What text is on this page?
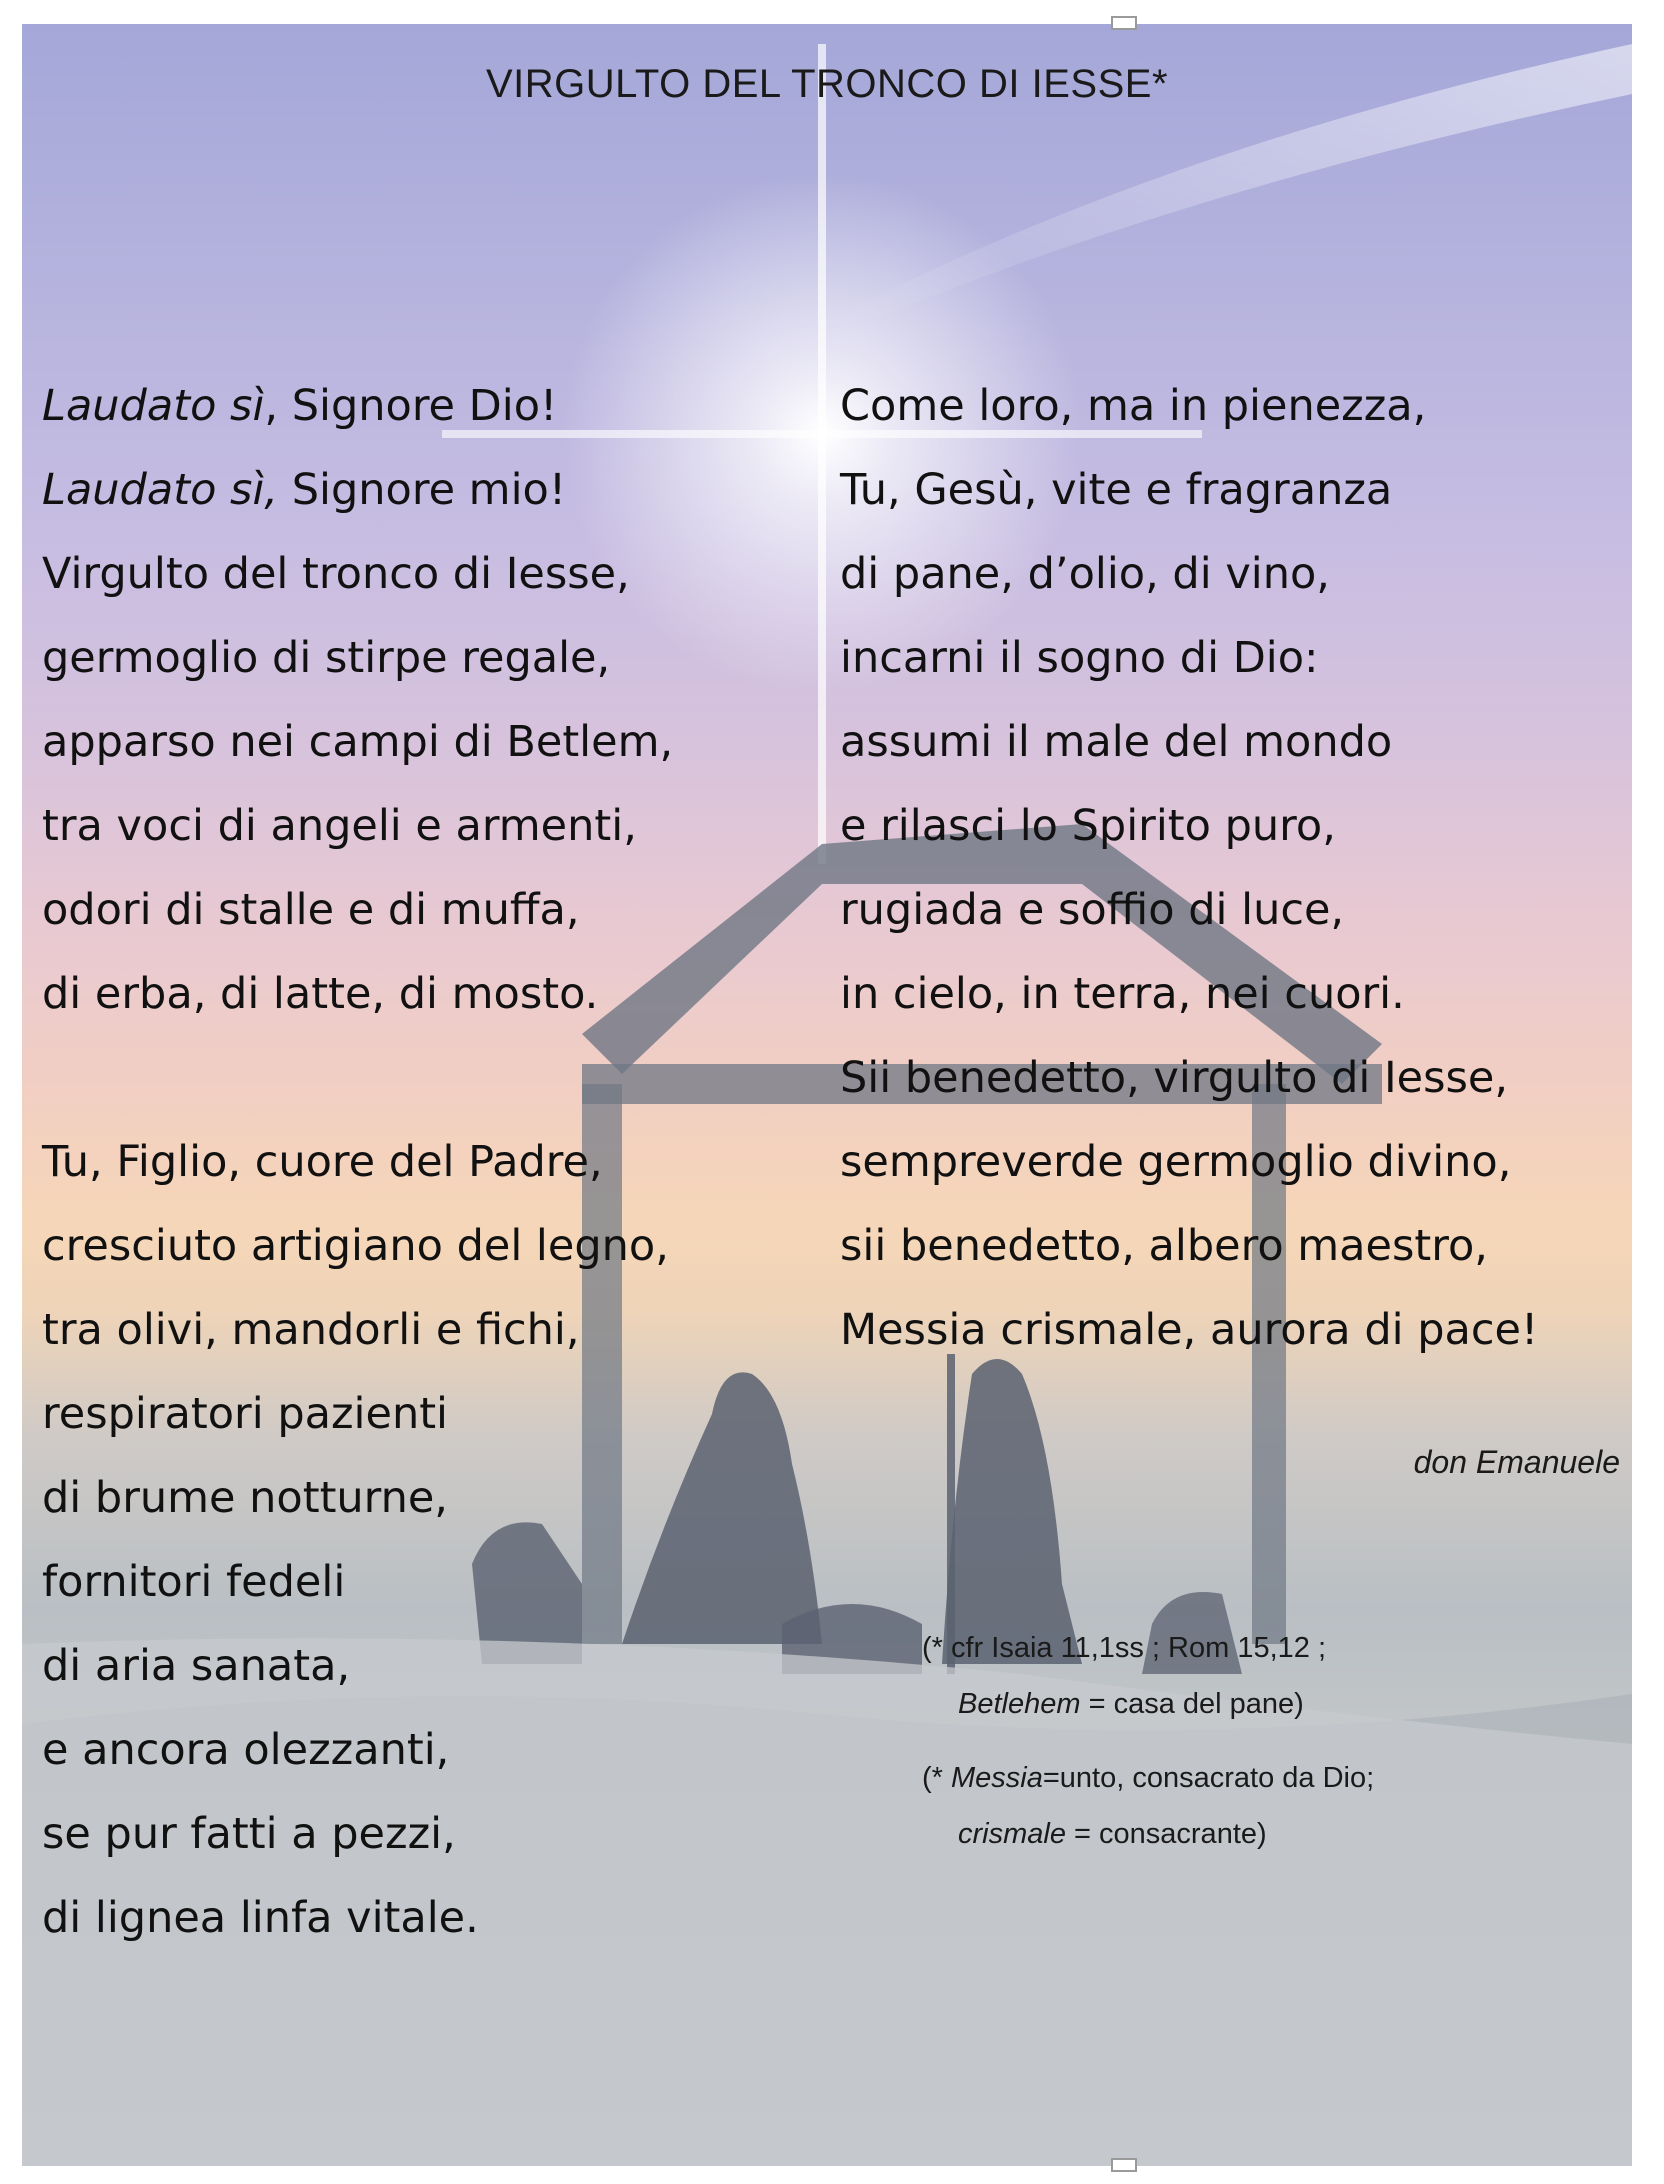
VIRGULTO DEL TRONCO DI IESSE*
Laudato sì, Signore Dio!
Laudato sì, Signore mio!
Virgulto del tronco di Iesse,
germoglio di stirpe regale,
apparso nei campi di Betlem,
tra voci di angeli e armenti,
odori di stalle e di muffa,
di erba, di latte, di mosto.
Tu, Figlio, cuore del Padre,
cresciuto artigiano del legno,
tra olivi, mandorli e fichi,
respiratori pazienti
di brume notturne,
fornitori fedeli
di aria sanata,
e ancora olezzanti,
se pur fatti a pezzi,
di lignea linfa vitale.
Come loro, ma in pienezza,
Tu, Gesù, vite e fragranza
di pane, d’olio, di vino,
incarni il sogno di Dio:
assumi il male del mondo
e rilasci lo Spirito puro,
rugiada e soffio di luce,
in cielo, in terra, nei cuori.
Sii benedetto, virgulto di Iesse,
sempreverde germoglio divino,
sii benedetto, albero maestro,
Messia crismale, aurora di pace!
don Emanuele
(* cfr Isaia 11,1ss ; Rom 15,12 ;
Betlehem = casa del pane)
(* Messia=unto, consacrato da Dio;
crismale = consacrante)
